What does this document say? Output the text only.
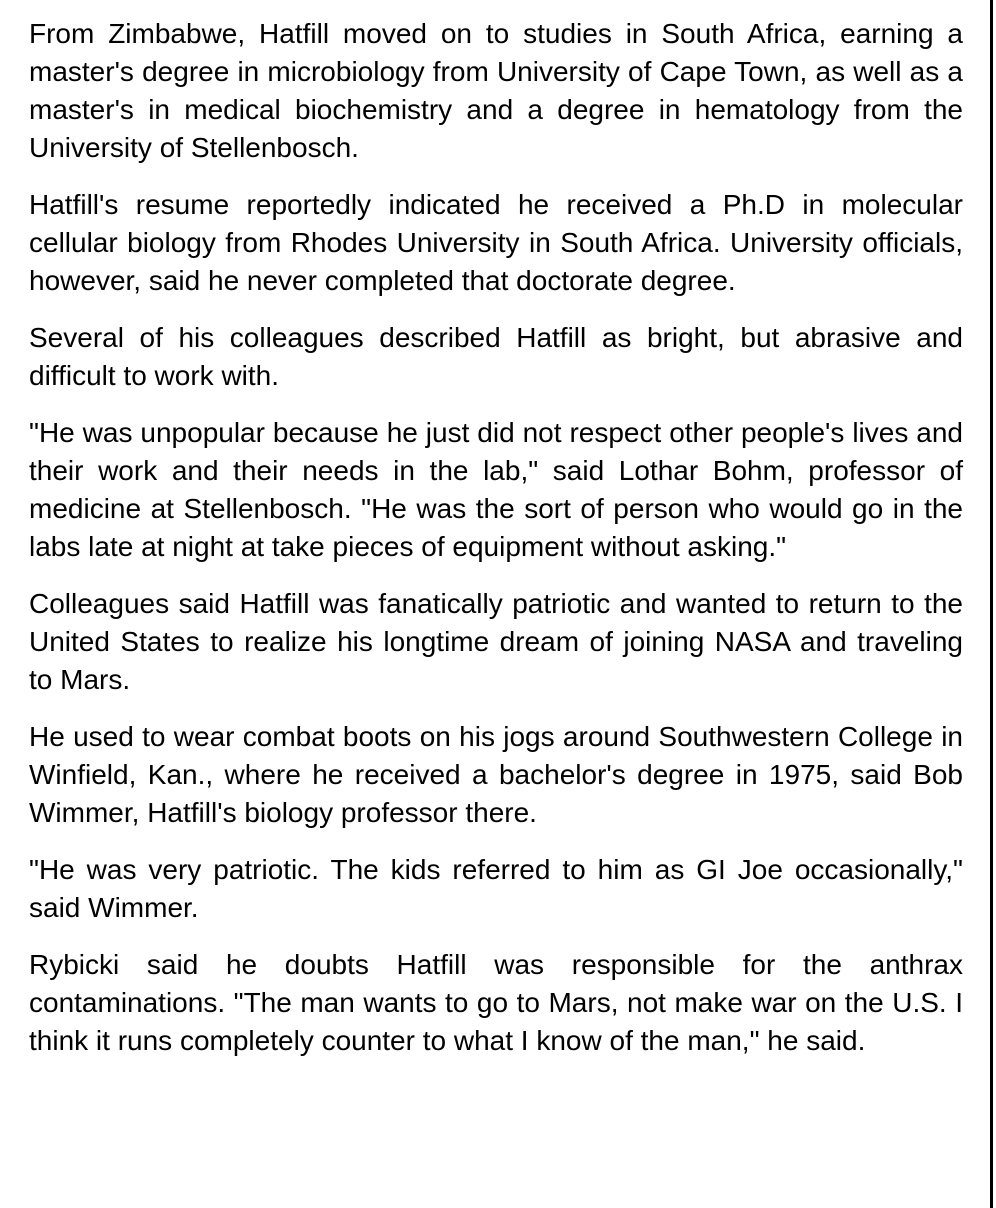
From Zimbabwe, Hatfill moved on to studies in South Africa, earning a master's degree in microbiology from University of Cape Town, as well as a master's in medical biochemistry and a degree in hematology from the University of Stellenbosch.

Hatfill's resume reportedly indicated he received a Ph.D in molecular cellular biology from Rhodes University in South Africa. University officials, however, said he never completed that doctorate degree.

Several of his colleagues described Hatfill as bright, but abrasive and difficult to work with.

"He was unpopular because he just did not respect other people's lives and their work and their needs in the lab," said Lothar Bohm, professor of medicine at Stellenbosch. "He was the sort of person who would go in the labs late at night at take pieces of equipment without asking."

Colleagues said Hatfill was fanatically patriotic and wanted to return to the United States to realize his longtime dream of joining NASA and traveling to Mars.

He used to wear combat boots on his jogs around Southwestern College in Winfield, Kan., where he received a bachelor's degree in 1975, said Bob Wimmer, Hatfill's biology professor there.

"He was very patriotic. The kids referred to him as GI Joe occasionally," said Wimmer.

Rybicki said he doubts Hatfill was responsible for the anthrax contaminations. "The man wants to go to Mars, not make war on the U.S. I think it runs completely counter to what I know of the man," he said.
